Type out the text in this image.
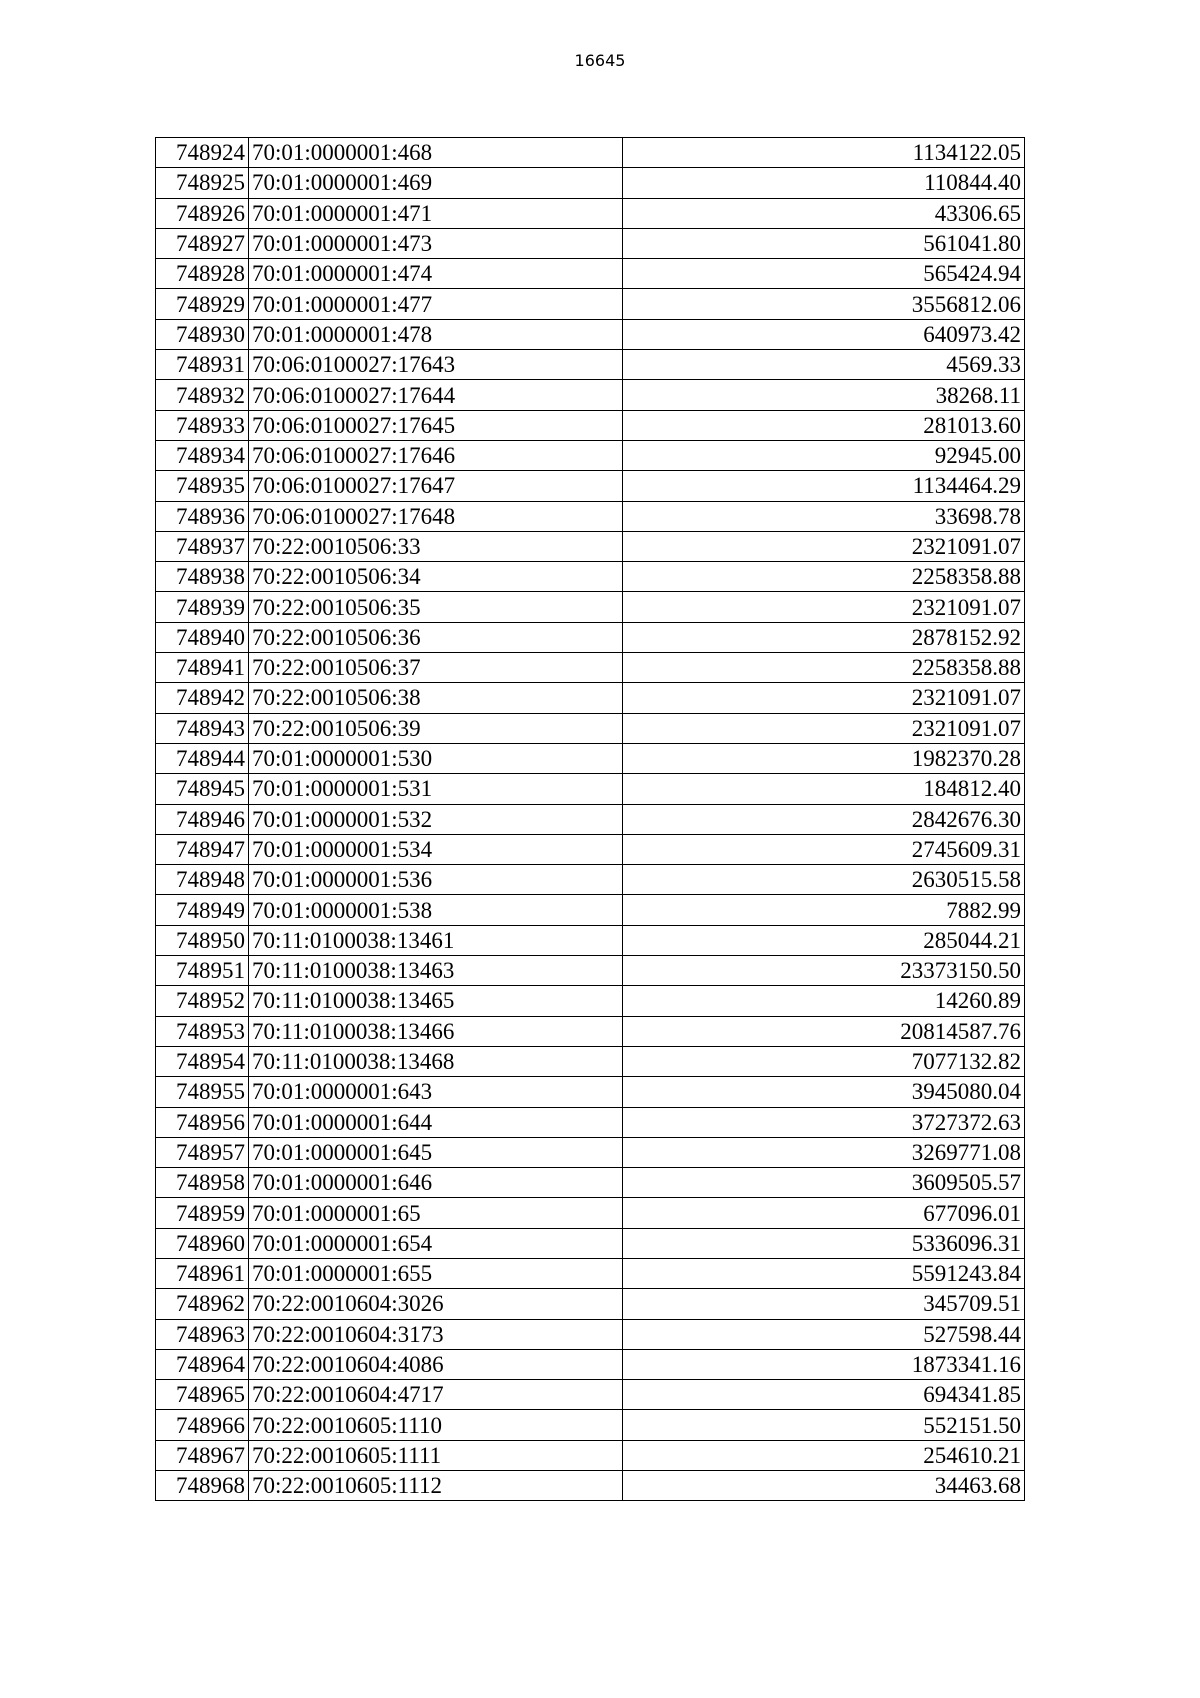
16645
748924	70:01:0000001:468	1134122.05
748925	70:01:0000001:469	110844.40
748926	70:01:0000001:471	43306.65
748927	70:01:0000001:473	561041.80
748928	70:01:0000001:474	565424.94
748929	70:01:0000001:477	3556812.06
748930	70:01:0000001:478	640973.42
748931	70:06:0100027:17643	4569.33
748932	70:06:0100027:17644	38268.11
748933	70:06:0100027:17645	281013.60
748934	70:06:0100027:17646	92945.00
748935	70:06:0100027:17647	1134464.29
748936	70:06:0100027:17648	33698.78
748937	70:22:0010506:33	2321091.07
748938	70:22:0010506:34	2258358.88
748939	70:22:0010506:35	2321091.07
748940	70:22:0010506:36	2878152.92
748941	70:22:0010506:37	2258358.88
748942	70:22:0010506:38	2321091.07
748943	70:22:0010506:39	2321091.07
748944	70:01:0000001:530	1982370.28
748945	70:01:0000001:531	184812.40
748946	70:01:0000001:532	2842676.30
748947	70:01:0000001:534	2745609.31
748948	70:01:0000001:536	2630515.58
748949	70:01:0000001:538	7882.99
748950	70:11:0100038:13461	285044.21
748951	70:11:0100038:13463	23373150.50
748952	70:11:0100038:13465	14260.89
748953	70:11:0100038:13466	20814587.76
748954	70:11:0100038:13468	7077132.82
748955	70:01:0000001:643	3945080.04
748956	70:01:0000001:644	3727372.63
748957	70:01:0000001:645	3269771.08
748958	70:01:0000001:646	3609505.57
748959	70:01:0000001:65	677096.01
748960	70:01:0000001:654	5336096.31
748961	70:01:0000001:655	5591243.84
748962	70:22:0010604:3026	345709.51
748963	70:22:0010604:3173	527598.44
748964	70:22:0010604:4086	1873341.16
748965	70:22:0010604:4717	694341.85
748966	70:22:0010605:1110	552151.50
748967	70:22:0010605:1111	254610.21
748968	70:22:0010605:1112	34463.68
